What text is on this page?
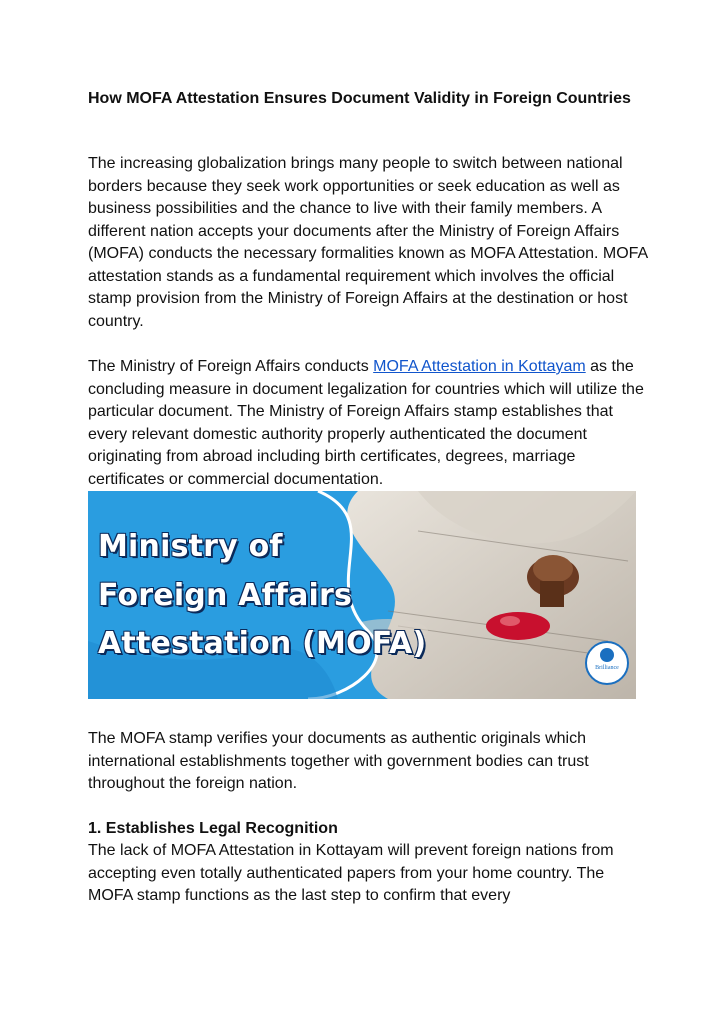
How MOFA Attestation Ensures Document Validity in Foreign Countries

The increasing globalization brings many people to switch between national borders because they seek work opportunities or seek education as well as business possibilities and the chance to live with their family members. A different nation accepts your documents after the Ministry of Foreign Affairs (MOFA) conducts the necessary formalities known as MOFA Attestation. MOFA attestation stands as a fundamental requirement which involves the official stamp provision from the Ministry of Foreign Affairs at the destination or host country.

The Ministry of Foreign Affairs conducts MOFA Attestation in Kottayam as the concluding measure in document legalization for countries which will utilize the particular document. The Ministry of Foreign Affairs stamp establishes that every relevant domestic authority properly authenticated the document originating from abroad including birth certificates, degrees, marriage certificates or commercial documentation.

Ministry of
Foreign Affairs
Attestation (MOFA)
Brilliance

The MOFA stamp verifies your documents as authentic originals which international establishments together with government bodies can trust throughout the foreign nation.

1. Establishes Legal Recognition

The lack of MOFA Attestation in Kottayam will prevent foreign nations from accepting even totally authenticated papers from your home country. The MOFA stamp functions as the last step to confirm that every
